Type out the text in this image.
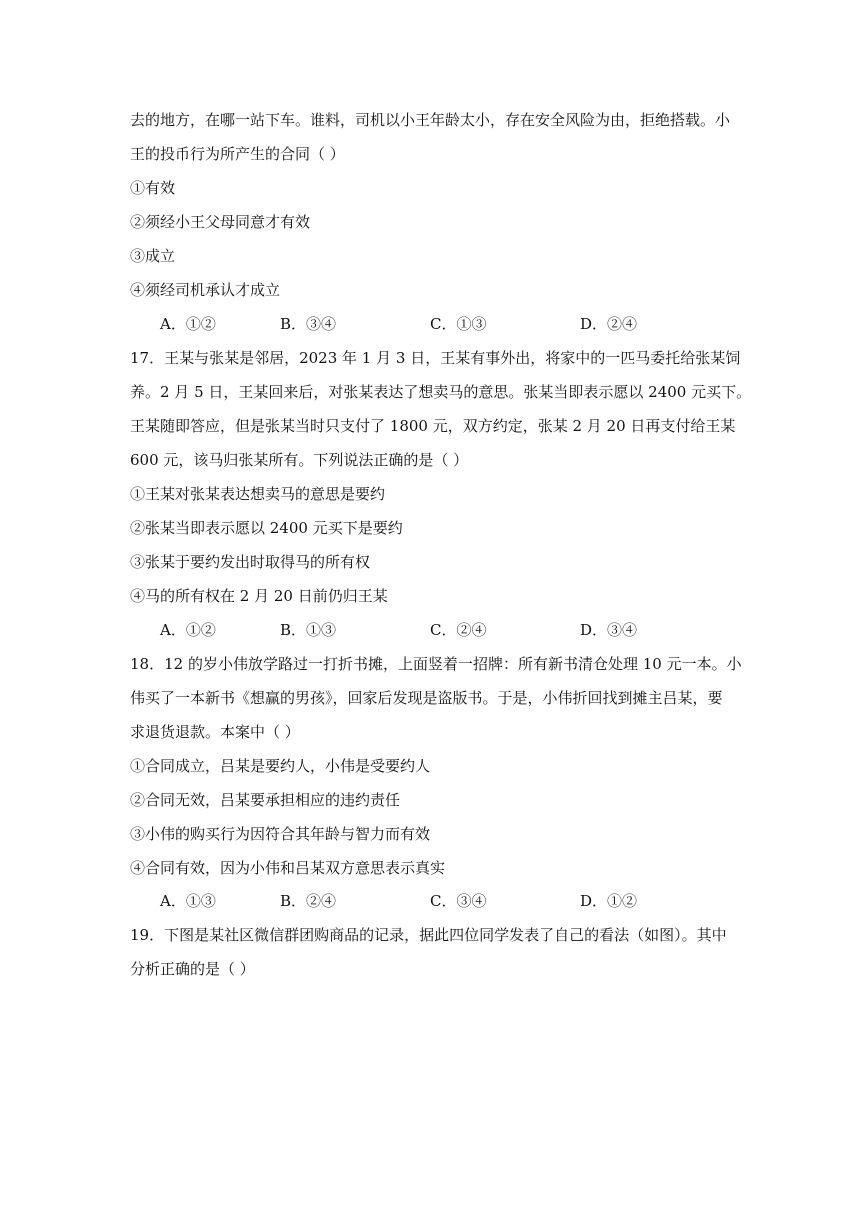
去的地方，在哪一站下车。谁料，司机以小王年龄太小，存在安全风险为由，拒绝搭载。小
王的投币行为所产生的合同（ ）
①有效
②须经小王父母同意才有效
③成立
④须经司机承认才成立
A．①②	B．③④	C．①③	D．②④
17．王某与张某是邻居，2023 年 1 月 3 日，王某有事外出，将家中的一匹马委托给张某饲
养。2 月 5 日，王某回来后，对张某表达了想卖马的意思。张某当即表示愿以 2400 元买下。
王某随即答应，但是张某当时只支付了 1800 元，双方约定，张某 2 月 20 日再支付给王某
600 元，该马归张某所有。下列说法正确的是（ ）
①王某对张某表达想卖马的意思是要约
②张某当即表示愿以 2400 元买下是要约
③张某于要约发出时取得马的所有权
④马的所有权在 2 月 20 日前仍归王某
A．①②	B．①③	C．②④	D．③④
18．12 的岁小伟放学路过一打折书摊，上面竖着一招牌：所有新书清仓处理 10 元一本。小
伟买了一本新书《想赢的男孩》，回家后发现是盗版书。于是，小伟折回找到摊主吕某，要
求退货退款。本案中（ ）
①合同成立，吕某是要约人，小伟是受要约人
②合同无效，吕某要承担相应的违约责任
③小伟的购买行为因符合其年龄与智力而有效
④合同有效，因为小伟和吕某双方意思表示真实
A．①③	B．②④	C．③④	D．①②
19．下图是某社区微信群团购商品的记录，据此四位同学发表了自己的看法（如图）。其中
分析正确的是（ ）
